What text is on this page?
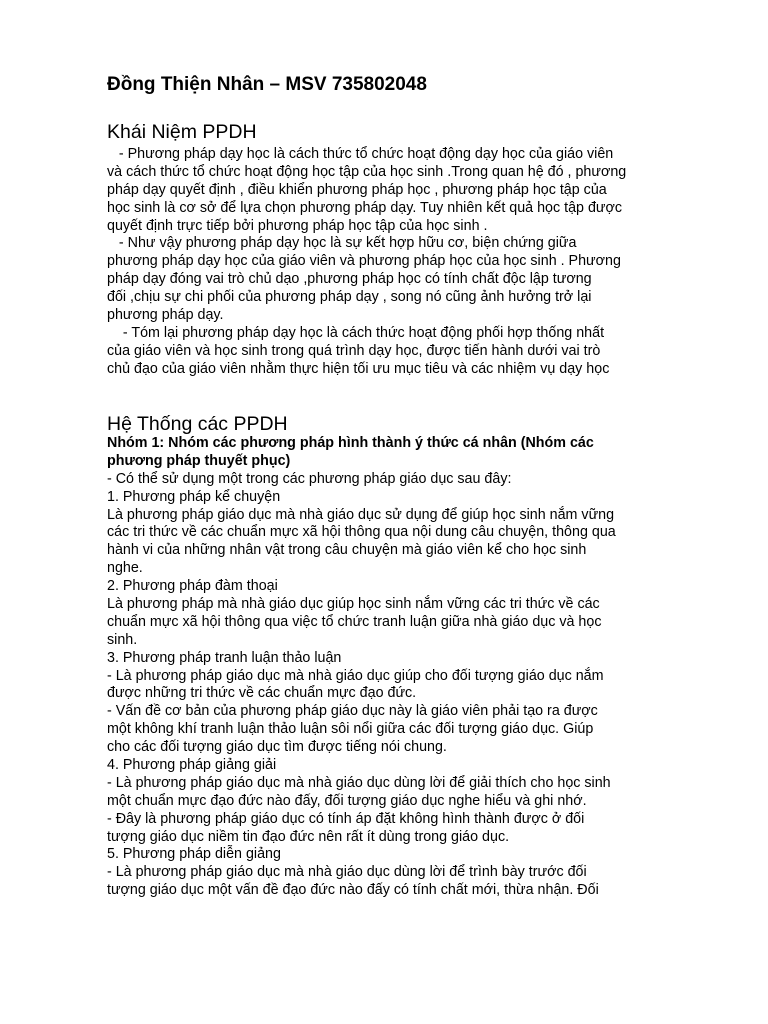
Đồng Thiện Nhân – MSV 735802048
Khái Niệm PPDH
- Phương pháp dạy học là cách thức tổ chức hoạt động dạy học của giáo viên
và cách thức tổ chức hoạt động học tập của học sinh .Trong quan hệ đó , phương
pháp dạy quyết định , điều khiển phương pháp học , phương pháp học tập của
học sinh là cơ sở để lựa chọn phương pháp dạy. Tuy nhiên kết quả học tập được
quyết định trực tiếp bởi phương pháp học tập của học sinh .
- Như vậy phương pháp dạy học là sự kết hợp hữu cơ, biện chứng giữa
phương pháp dạy học của giáo viên và phương pháp học của học sinh . Phương
pháp dạy đóng vai trò chủ dạo ,phương pháp học có tính chất độc lập tương
đối ,chịu sự chi phối của phương pháp dạy , song nó cũng ảnh hưởng trở lại
phương pháp dạy.
- Tóm lại phương pháp dạy học là cách thức hoạt động phối hợp thống nhất
của giáo viên và học sinh trong quá trình dạy học, được tiến hành dưới vai trò
chủ đạo của giáo viên nhằm thực hiện tối ưu mục tiêu và các nhiệm vụ dạy học
Hệ Thống các PPDH
Nhóm 1: Nhóm các phương pháp hình thành ý thức cá nhân (Nhóm các
phương pháp thuyết phục)
- Có thể sử dụng một trong các phương pháp giáo dục sau đây:
1. Phương pháp kể chuyện
Là phương pháp giáo dục mà nhà giáo dục sử dụng để giúp học sinh nắm vững
các tri thức về các chuẩn mực xã hội thông qua nội dung câu chuyện, thông qua
hành vi của những nhân vật trong câu chuyện mà giáo viên kể cho học sinh
nghe.
2. Phương pháp đàm thoại
Là phương pháp mà nhà giáo dục giúp học sinh nắm vững các tri thức về các
chuẩn mực xã hội thông qua việc tổ chức tranh luận giữa nhà giáo dục và học
sinh.
3. Phương pháp tranh luận thảo luận
- Là phương pháp giáo dục mà nhà giáo dục giúp cho đối tượng giáo dục nắm
được những tri thức về các chuẩn mực đạo đức.
- Vấn đề cơ bản của phương pháp giáo dục này là giáo viên phải tạo ra được
một không khí tranh luận thảo luận sôi nổi giữa các đối tượng giáo dục. Giúp
cho các đối tượng giáo dục tìm được tiếng nói chung.
4. Phương pháp giảng giải
- Là phương pháp giáo dục mà nhà giáo dục dùng lời để giải thích cho học sinh
một chuẩn mực đạo đức nào đấy, đối tượng giáo dục nghe hiểu và ghi nhớ.
- Đây là phương pháp giáo dục có tính áp đặt không hình thành được ở đối
tượng giáo dục niềm tin đạo đức nên rất ít dùng trong giáo dục.
5. Phương pháp diễn giảng
- Là phương pháp giáo dục mà nhà giáo dục dùng lời để trình bày trước đối
tượng giáo dục một vấn đề đạo đức nào đấy có tính chất mới, thừa nhận. Đối
